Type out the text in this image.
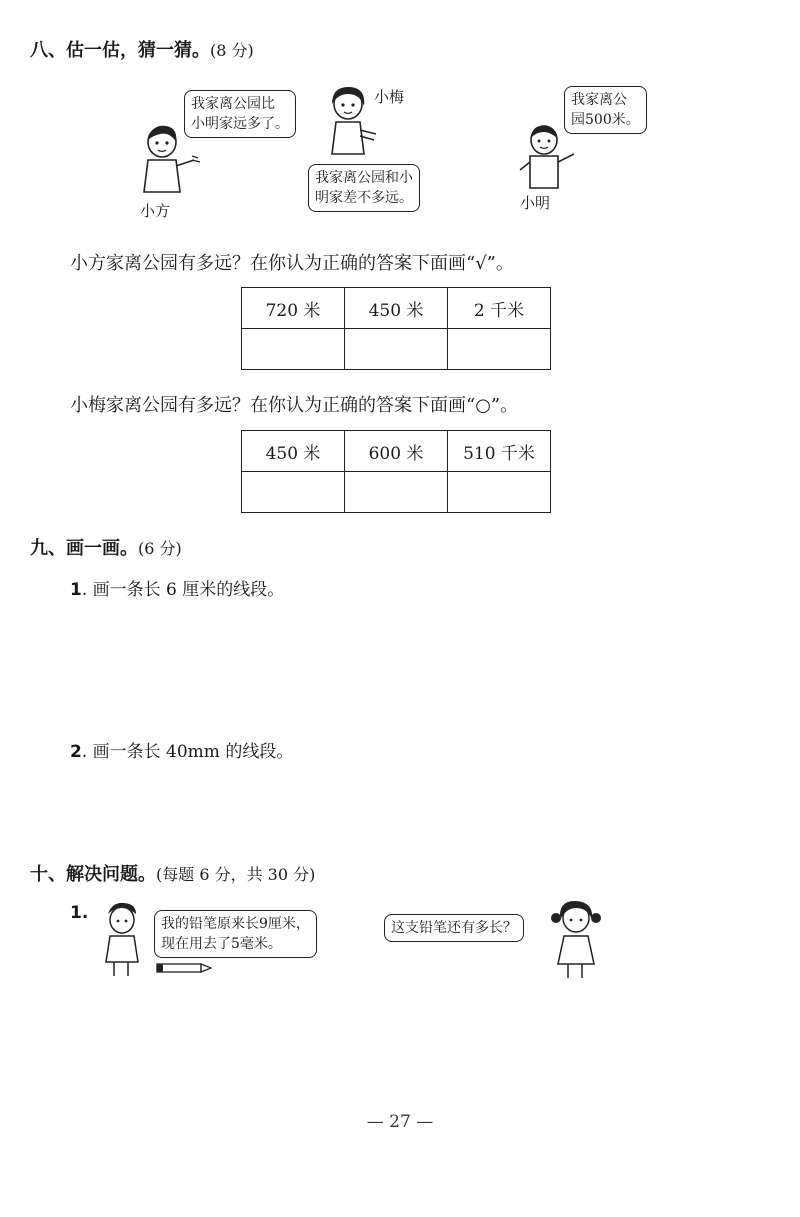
八、估一估，猜一猜。(8 分)
小方
我家离公园比
小明家远多了。
小梅
我家离公园和小
明家差不多远。	小明
我家离公
园500米。
小方家离公园有多远？在你认为正确的答案下面画“√”。
720 米	450 米	2 千米

小梅家离公园有多远？在你认为正确的答案下面画“○”。
450 米	600 米	510 千米

九、画一画。(6 分)
1. 画一条长 6 厘米的线段。
2. 画一条长 40mm 的线段。
十、解决问题。(每题 6 分，共 30 分)
1.
我的铅笔原来长9厘米，
现在用去了5毫米。
这支铅笔还有多长？
— 27 —
